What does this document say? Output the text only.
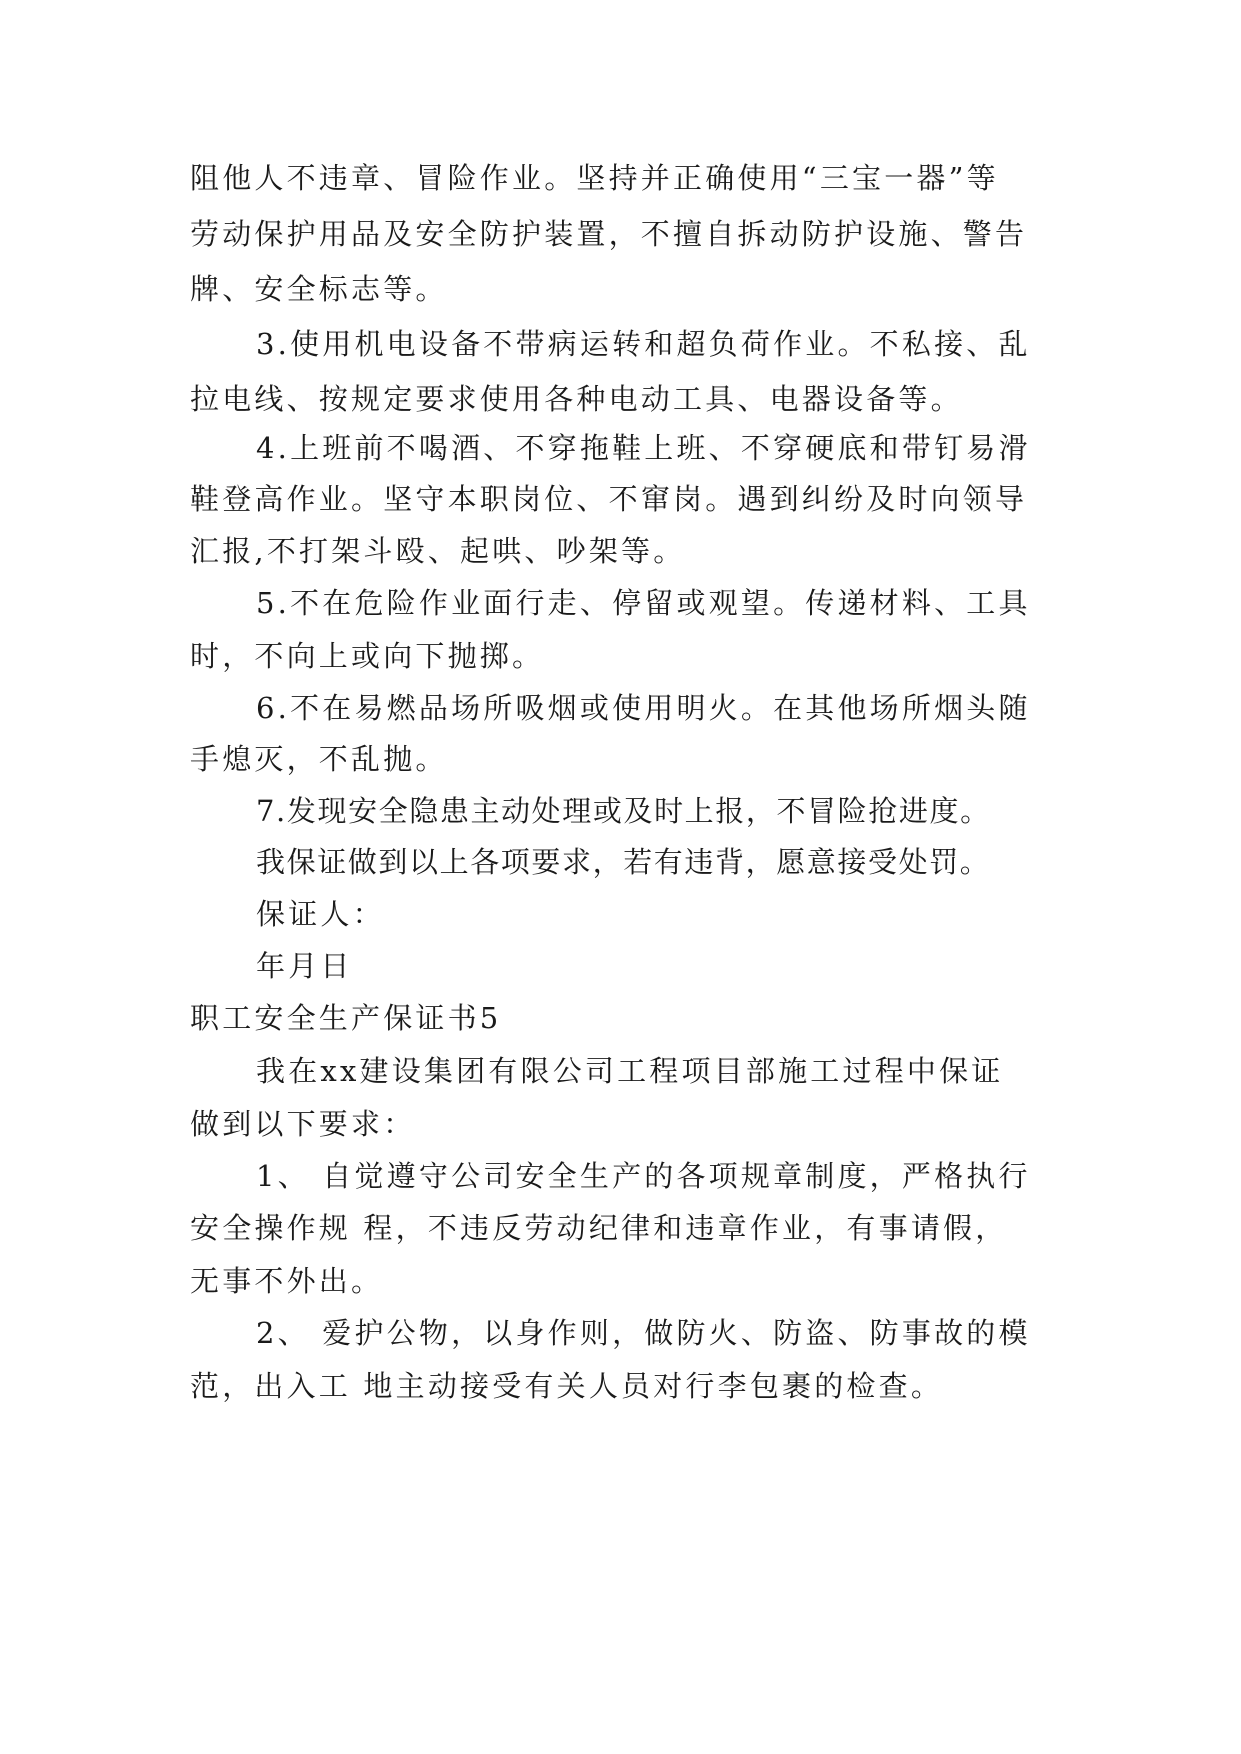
阻他人不违章、冒险作业。坚持并正确使用“三宝一器”等
劳动保护用品及安全防护装置，不擅自拆动防护设施、警告
牌、安全标志等。
3.使用机电设备不带病运转和超负荷作业。不私接、乱
拉电线、按规定要求使用各种电动工具、电器设备等。
4.上班前不喝酒、不穿拖鞋上班、不穿硬底和带钉易滑
鞋登高作业。坚守本职岗位、不窜岗。遇到纠纷及时向领导
汇报,不打架斗殴、起哄、吵架等。
5.不在危险作业面行走、停留或观望。传递材料、工具
时，不向上或向下抛掷。
6.不在易燃品场所吸烟或使用明火。在其他场所烟头随
手熄灭，不乱抛。
7.发现安全隐患主动处理或及时上报，不冒险抢进度。
我保证做到以上各项要求，若有违背，愿意接受处罚。
保证人：
年月日
职工安全生产保证书5
我在xx建设集团有限公司工程项目部施工过程中保证
做到以下要求：
1、 自觉遵守公司安全生产的各项规章制度，严格执行
安全操作规 程，不违反劳动纪律和违章作业，有事请假，
无事不外出。
2、 爱护公物，以身作则，做防火、防盗、防事故的模
范，出入工 地主动接受有关人员对行李包裹的检查。
